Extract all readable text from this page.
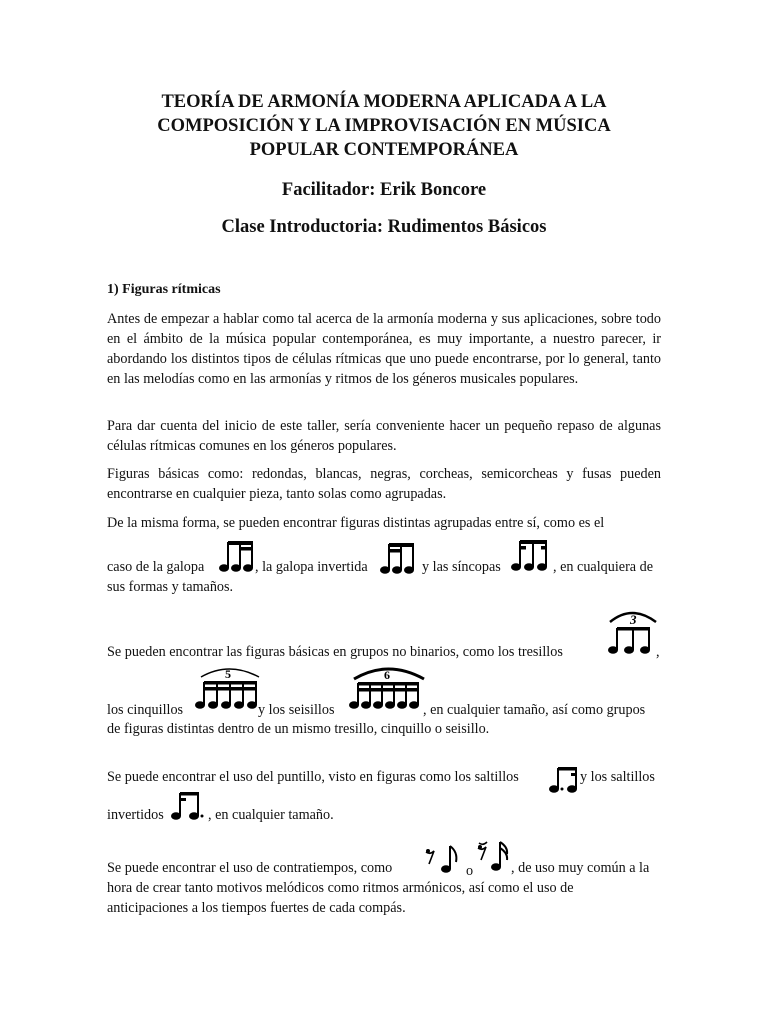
TEORÍA DE ARMONÍA MODERNA APLICADA A LA
COMPOSICIÓN Y LA IMPROVISACIÓN EN MÚSICA
POPULAR CONTEMPORÁNEA
Facilitador: Erik Boncore
Clase Introductoria: Rudimentos Básicos
1) Figuras rítmicas

Antes de empezar a hablar como tal acerca de la armonía moderna y sus aplicaciones, sobre todo en el ámbito de la música popular contemporánea, es muy importante, a nuestro parecer, ir abordando los distintos tipos de células rítmicas que uno puede encontrarse, por lo general, tanto en las melodías como en las armonías y ritmos de los géneros musicales populares.

Para dar cuenta del inicio de este taller, sería conveniente hacer un pequeño repaso de algunas células rítmicas comunes en los géneros populares.

Figuras básicas como: redondas, blancas, negras, corcheas, semicorcheas y fusas pueden encontrarse en cualquier pieza, tanto solas como agrupadas.

De la misma forma, se pueden encontrar figuras distintas agrupadas entre sí, como es el
caso de la galopa	, la galopa invertida	y las síncopas	, en cualquiera de
sus formas y tamaños.
Se pueden encontrar las figuras básicas en grupos no binarios, como los tresillos
3
,
los cinquillos
5
y los seisillos
6
, en cualquier tamaño, así como grupos
de figuras distintas dentro de un mismo tresillo, cinquillo o seisillo.
Se puede encontrar el uso del puntillo, visto en figuras como los saltillos	y los saltillos
invertidos	, en cualquier tamaño.
Se puede encontrar el uso de contratiempos, como	o	, de uso muy común a la
hora de crear tanto motivos melódicos como ritmos armónicos, así como el uso de
anticipaciones a los tiempos fuertes de cada compás.
